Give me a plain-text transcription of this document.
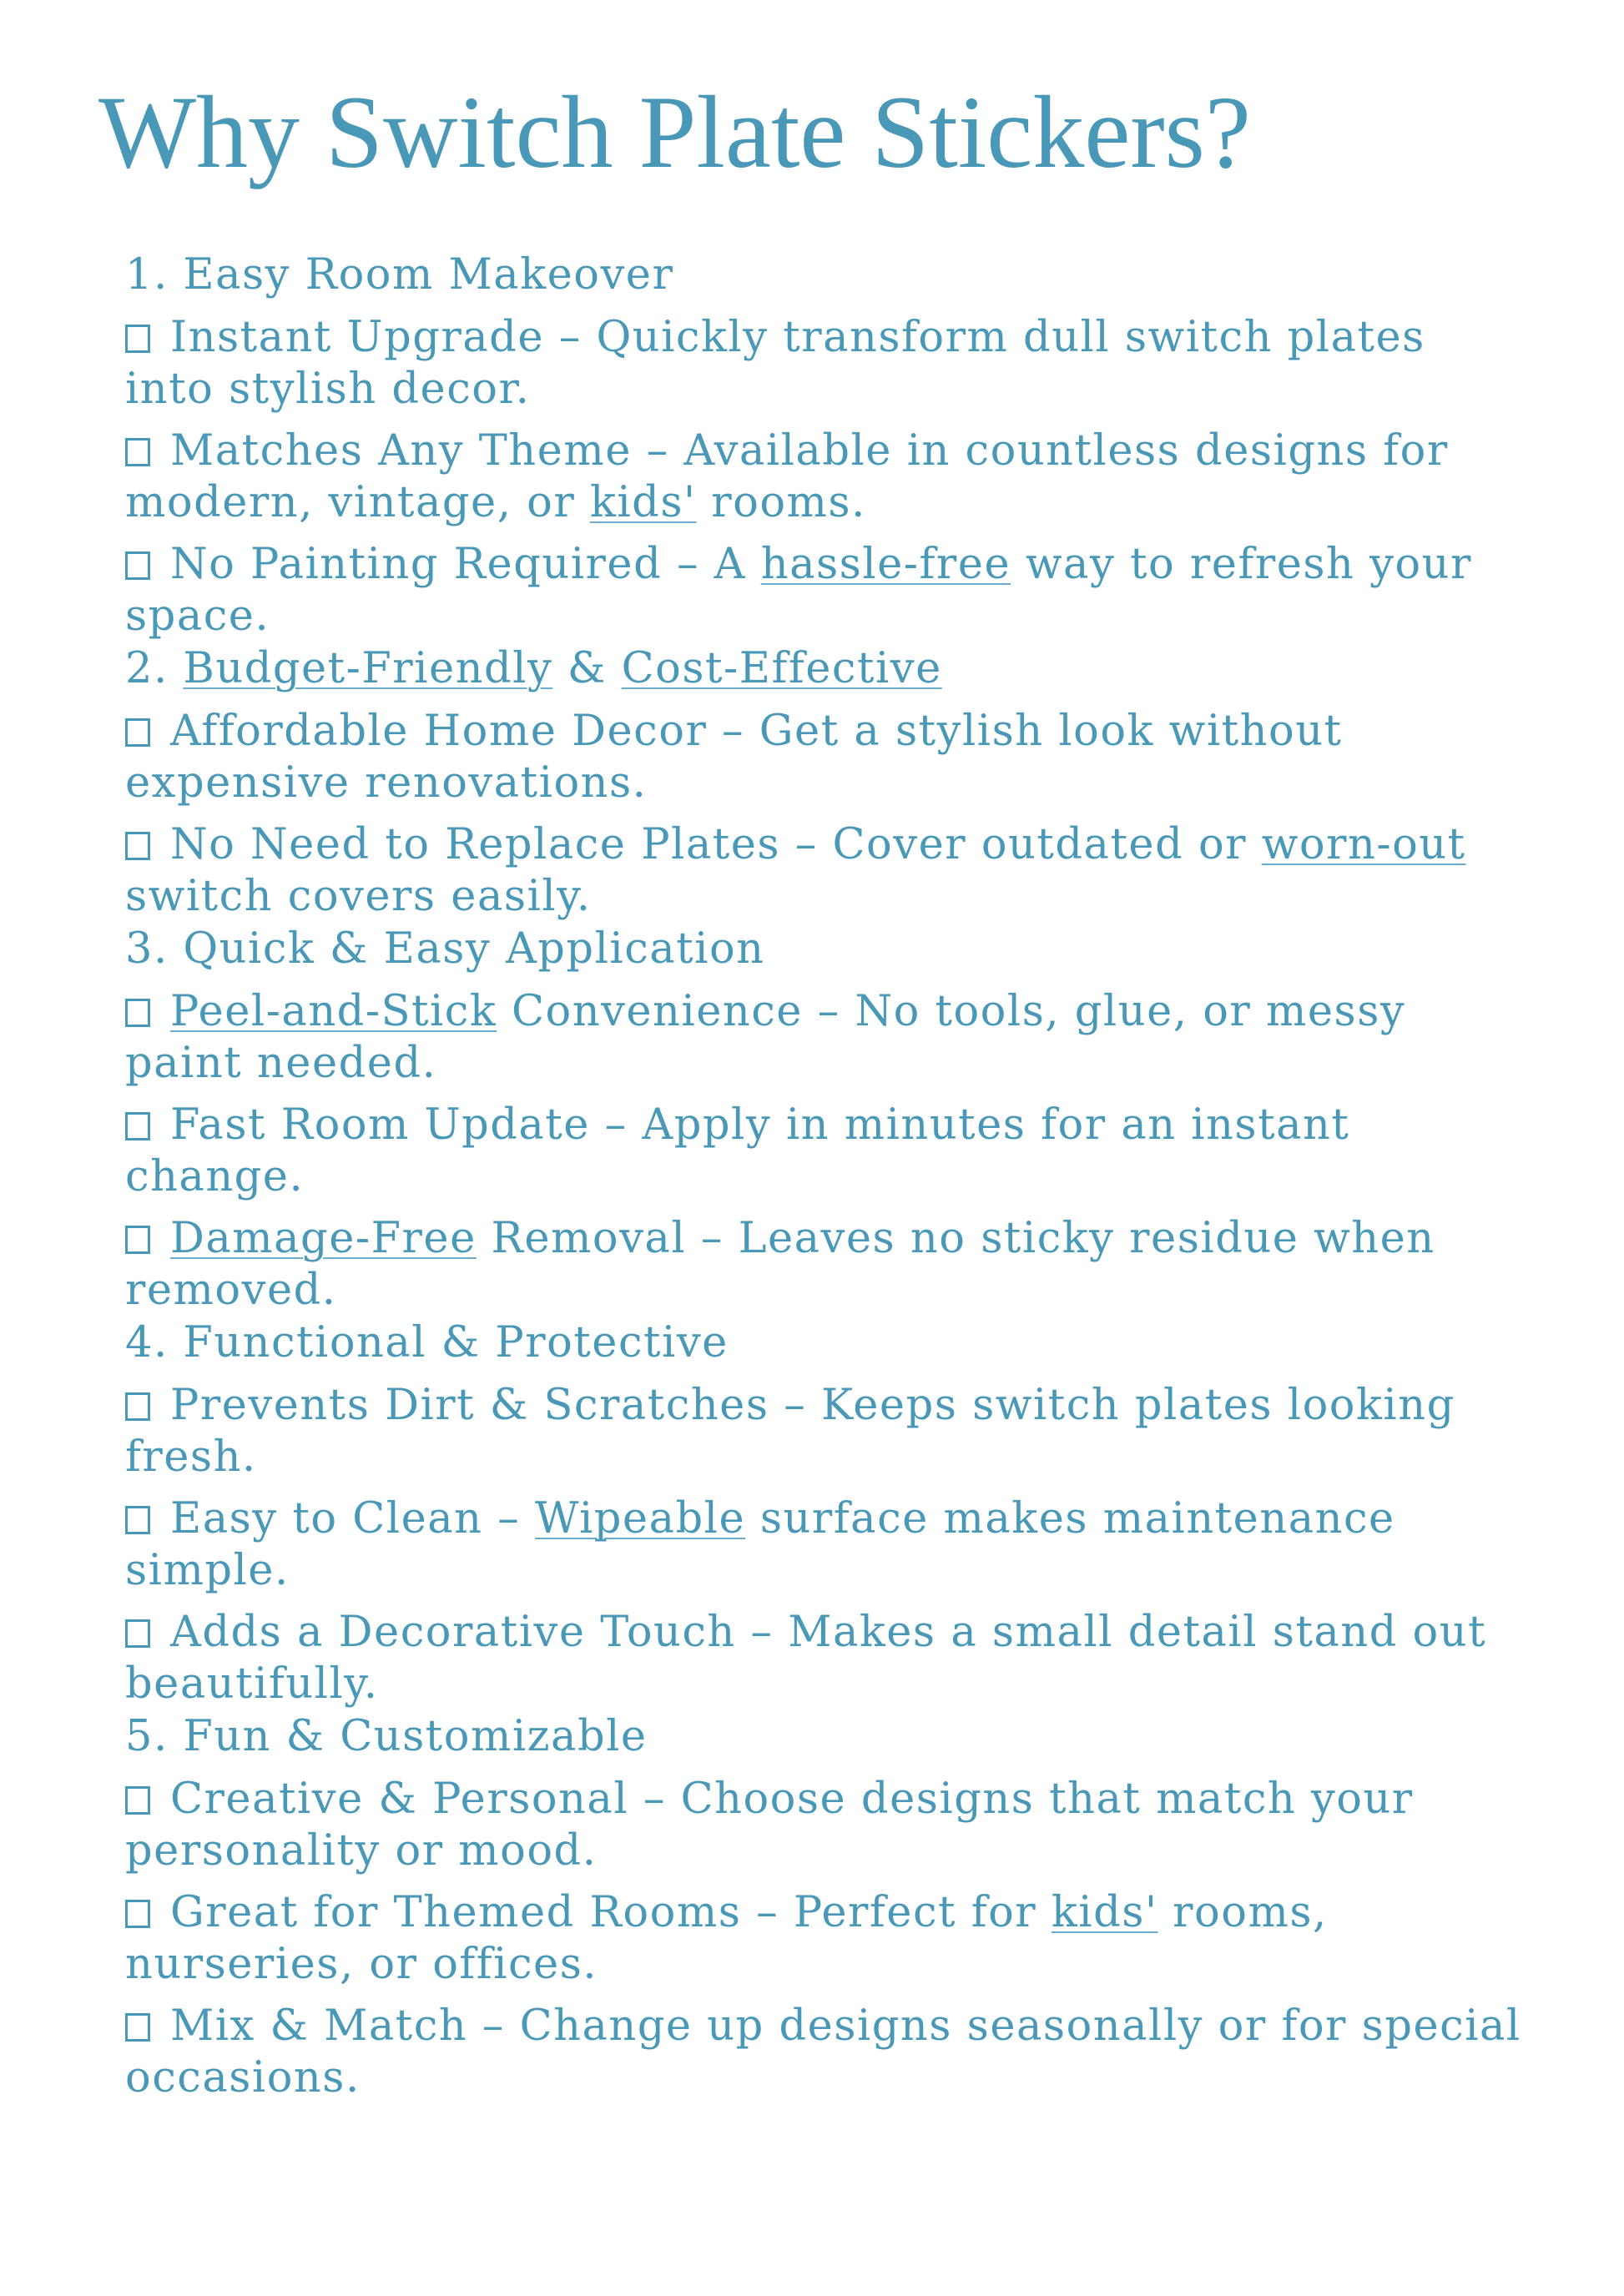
Why Switch Plate Stickers?
1. Easy Room Makeover
Instant Upgrade – Quickly transform dull switch plates into stylish decor.
Matches Any Theme – Available in countless designs for modern, vintage, or kids' rooms.
No Painting Required – A hassle-free way to refresh your space.
2. Budget-Friendly & Cost-Effective
Affordable Home Decor – Get a stylish look without expensive renovations.
No Need to Replace Plates – Cover outdated or worn-out switch covers easily.
3. Quick & Easy Application
Peel-and-Stick Convenience – No tools, glue, or messy paint needed.
Fast Room Update – Apply in minutes for an instant change.
Damage-Free Removal – Leaves no sticky residue when removed.
4. Functional & Protective
Prevents Dirt & Scratches – Keeps switch plates looking fresh.
Easy to Clean – Wipeable surface makes maintenance simple.
Adds a Decorative Touch – Makes a small detail stand out beautifully.
5. Fun & Customizable
Creative & Personal – Choose designs that match your personality or mood.
Great for Themed Rooms – Perfect for kids' rooms, nurseries, or offices.
Mix & Match – Change up designs seasonally or for special occasions.
